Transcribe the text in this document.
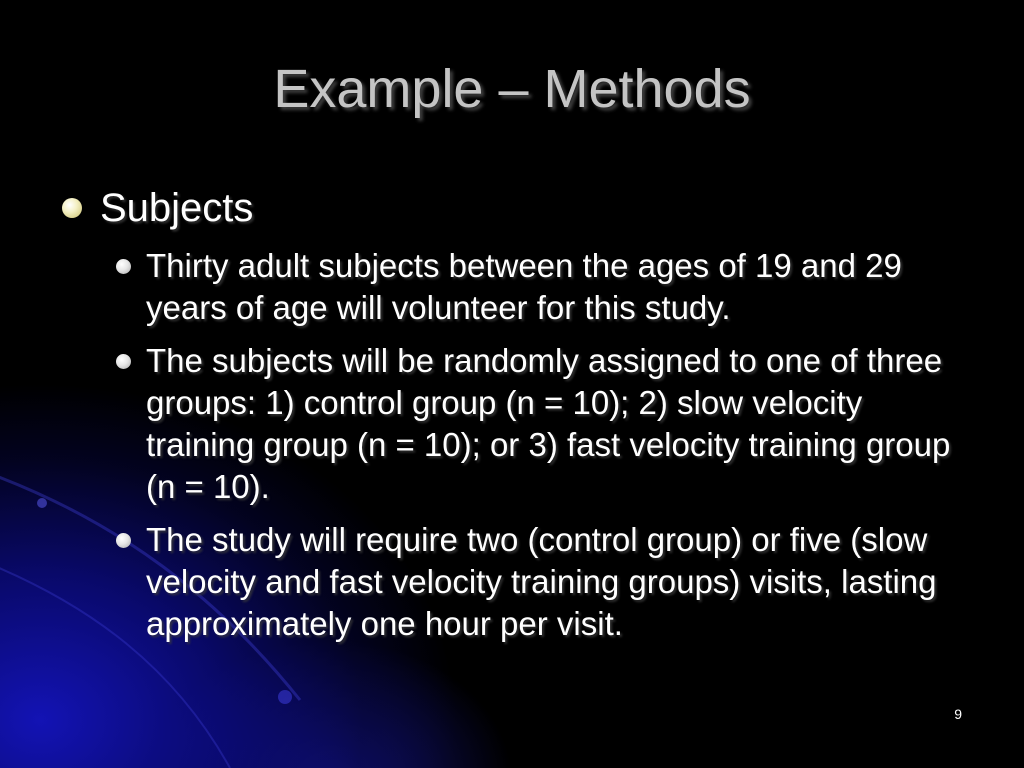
Example – Methods
Subjects
Thirty adult subjects between the ages of 19 and 29 years of age will volunteer for this study.
The subjects will be randomly assigned to one of three groups: 1) control group (n = 10); 2) slow velocity training group (n = 10); or 3) fast velocity training group (n = 10).
The study will require two (control group) or five (slow velocity and fast velocity training groups) visits, lasting approximately one hour per visit.
9
